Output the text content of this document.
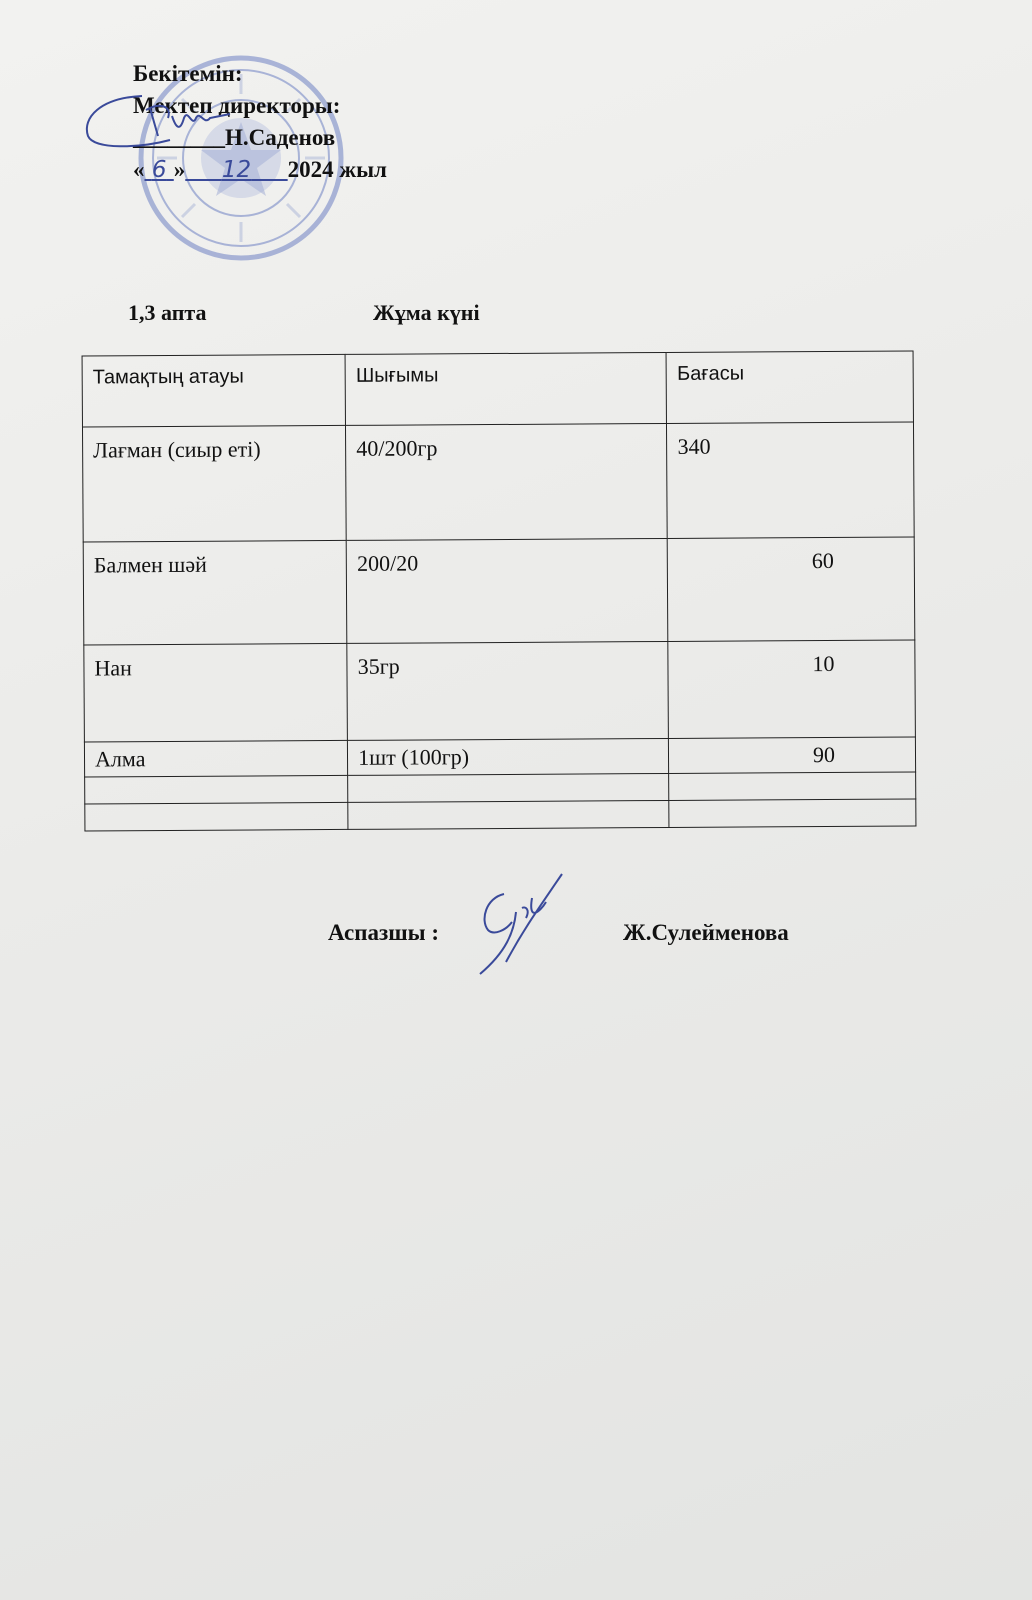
Бекітемін:
Мектеп директоры:
________Н.Саденов
« 6 » 12 2024 жыл
1,3 апта	Жұма күні
Тамақтың атауы	Шығымы	Бағасы
Лағман (сиыр еті)	40/200гр	340
Балмен шәй	200/20	60
Нан	35гр	10
Алма	1шт (100гр)	90

Аспазшы :	Ж.Сулейменова
